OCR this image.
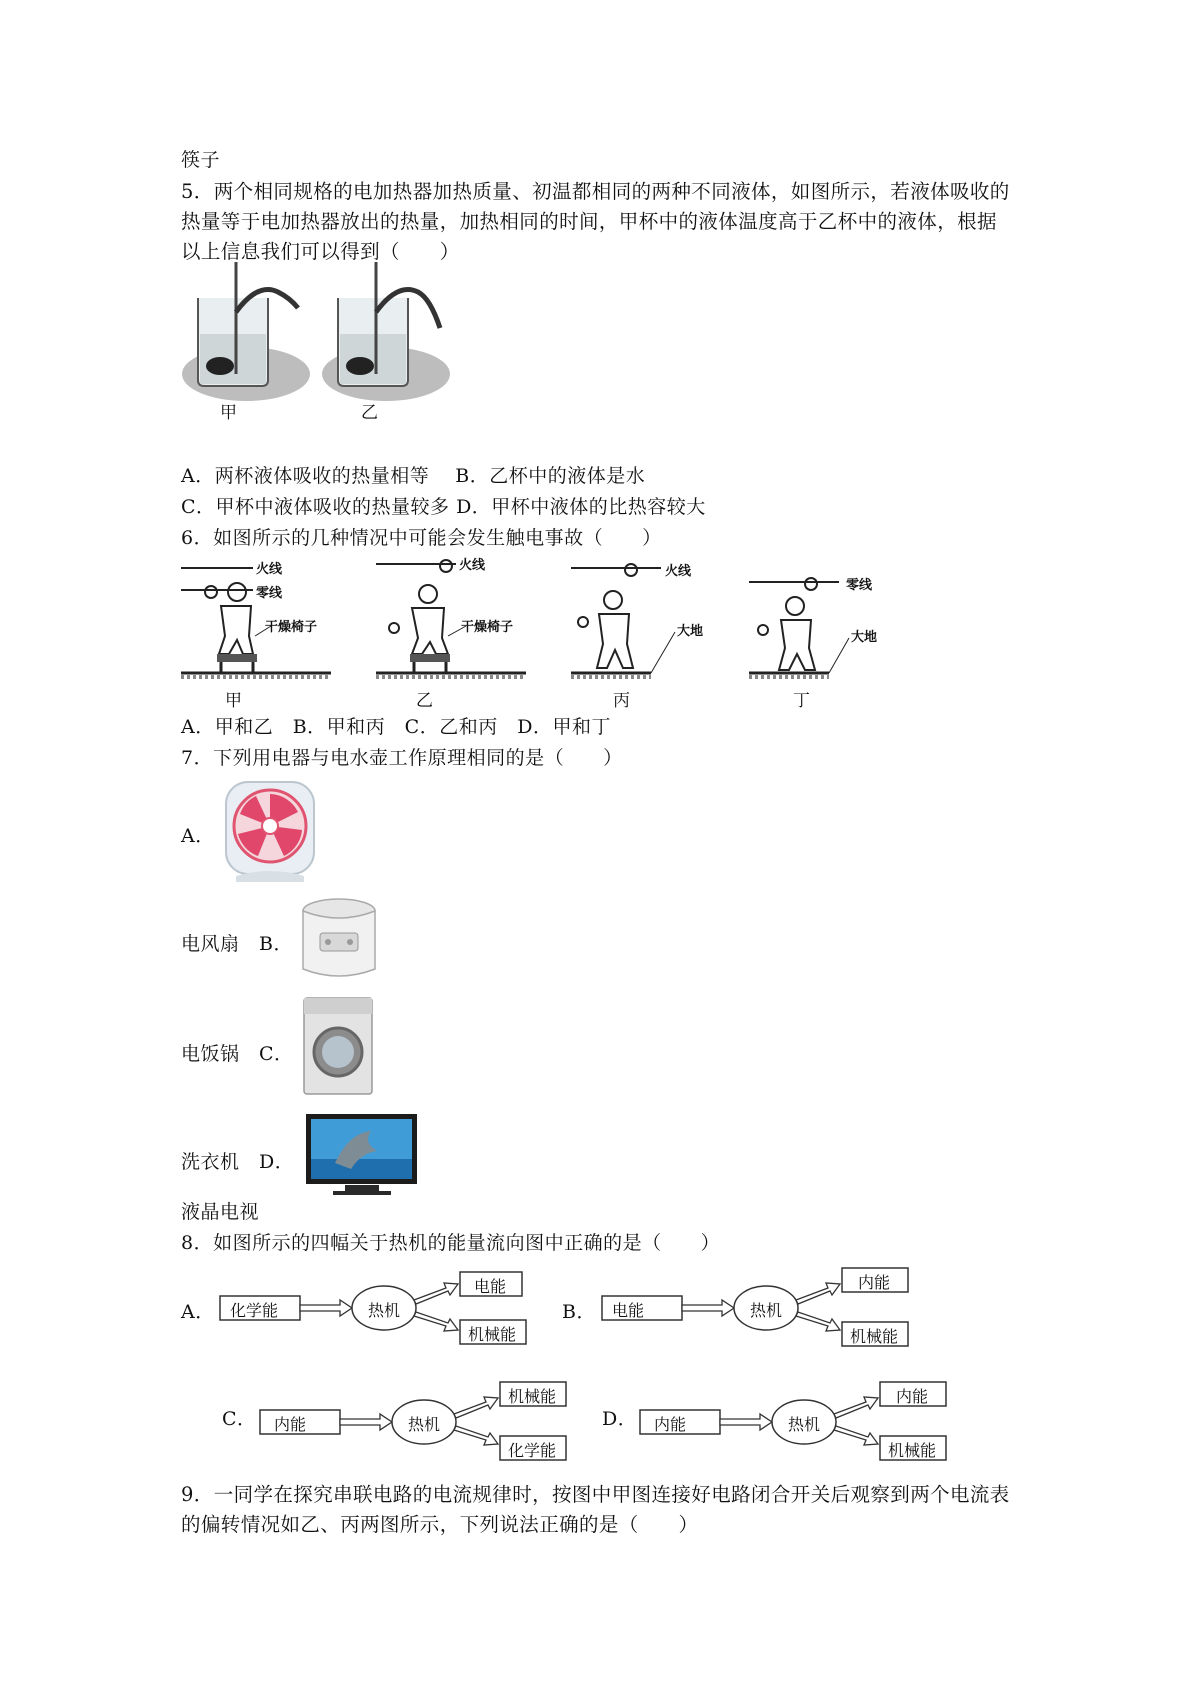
筷子
5．两个相同规格的电加热器加热质量、初温都相同的两种不同液体，如图所示，若液体吸收的热量等于电加热器放出的热量，加热相同的时间，甲杯中的液体温度高于乙杯中的液体，根据以上信息我们可以得到（　　）
甲	乙
A．两杯液体吸收的热量相等　 B．乙杯中的液体是水
C．甲杯中液体吸收的热量较多 D．甲杯中液体的比热容较大
6．如图所示的几种情况中可能会发生触电事故（　　）
火线
零线
干燥椅子
火线
干燥椅子
火线
大地
零线
大地
甲	乙	丙	丁
A．甲和乙　B．甲和丙　C．乙和丙　D．甲和丁
7．下列用电器与电水壶工作原理相同的是（　　）
A．
电风扇　B．
电饭锅　C．
洗衣机　D．
液晶电视
8．如图所示的四幅关于热机的能量流向图中正确的是（　　）
A． 化学能	热机
电能
机械能
B． 电能	热机
内能
机械能
C． 内能	热机
机械能
化学能
D． 内能	热机
内能
机械能
9．一同学在探究串联电路的电流规律时，按图中甲图连接好电路闭合开关后观察到两个电流表的偏转情况如乙、丙两图所示，下列说法正确的是（　　）
